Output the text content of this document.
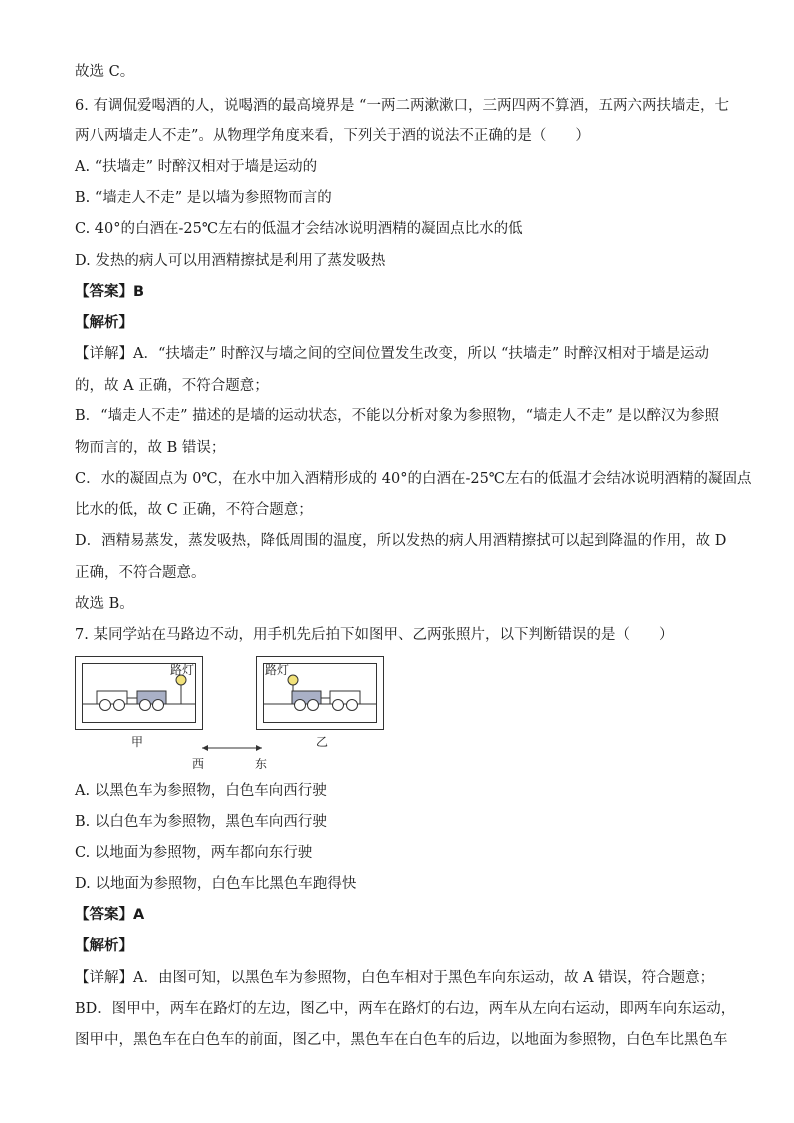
故选 C。
6. 有调侃爱喝酒的人，说喝酒的最高境界是 “一两二两漱漱口，三两四两不算酒，五两六两扶墙走，七
两八两墙走人不走”。从物理学角度来看，下列关于酒的说法不正确的是（　　）
A. “扶墙走” 时醉汉相对于墙是运动的
B. “墙走人不走” 是以墙为参照物而言的
C. 40°的白酒在-25℃左右的低温才会结冰说明酒精的凝固点比水的低
D. 发热的病人可以用酒精擦拭是利用了蒸发吸热
【答案】B
【解析】
【详解】A．“扶墙走” 时醉汉与墙之间的空间位置发生改变，所以 “扶墙走” 时醉汉相对于墙是运动
的，故 A 正确，不符合题意；
B．“墙走人不走” 描述的是墙的运动状态，不能以分析对象为参照物，“墙走人不走” 是以醉汉为参照
物而言的，故 B 错误；
C．水的凝固点为 0℃，在水中加入酒精形成的 40°的白酒在-25℃左右的低温才会结冰说明酒精的凝固点
比水的低，故 C 正确，不符合题意；
D．酒精易蒸发，蒸发吸热，降低周围的温度，所以发热的病人用酒精擦拭可以起到降温的作用，故 D
正确，不符合题意。
故选 B。
7. 某同学站在马路边不动，用手机先后拍下如图甲、乙两张照片，以下判断错误的是（　　）
路灯
甲
路灯
乙
西	东
A. 以黑色车为参照物，白色车向西行驶
B. 以白色车为参照物，黑色车向西行驶
C. 以地面为参照物，两车都向东行驶
D. 以地面为参照物，白色车比黑色车跑得快
【答案】A
【解析】
【详解】A．由图可知，以黑色车为参照物，白色车相对于黑色车向东运动，故 A 错误，符合题意；
BD．图甲中，两车在路灯的左边，图乙中，两车在路灯的右边，两车从左向右运动，即两车向东运动，
图甲中，黑色车在白色车的前面，图乙中，黑色车在白色车的后边，以地面为参照物，白色车比黑色车
